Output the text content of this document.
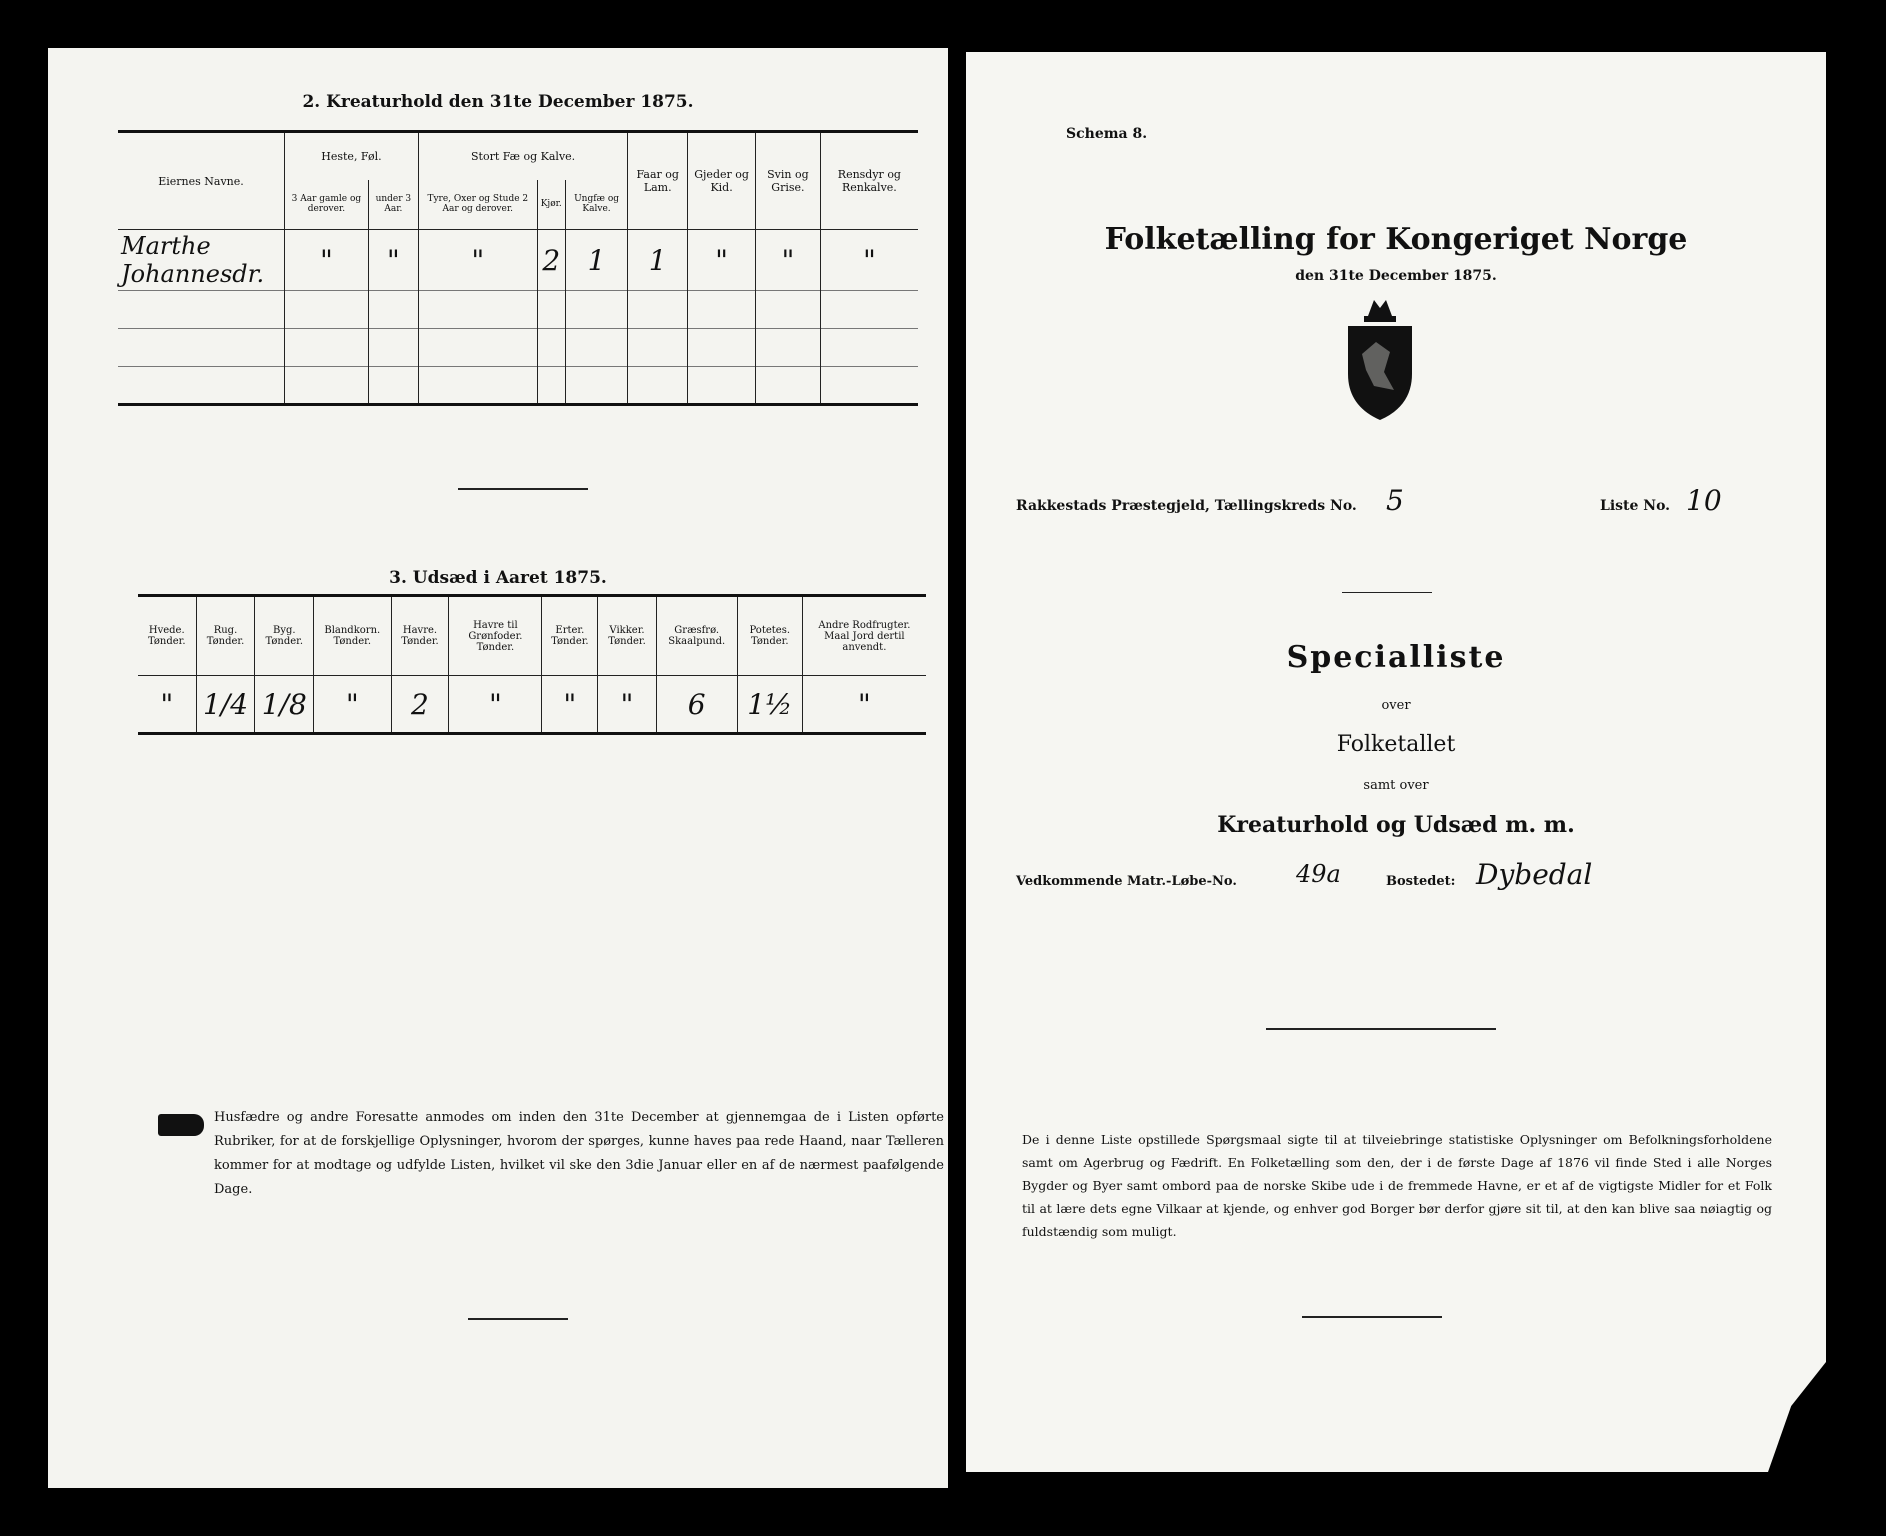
2. Kreaturhold den 31te December 1875.
Eiernes Navne.	Heste, Føl.		Stort Fæ og Kalve.			Faar og Lam.	Gjeder og Kid.	Svin og Grise.	Rensdyr og Renkalve.
	3 Aar gamle og derover.	under 3 Aar.	Tyre, Oxer og Stude 2 Aar og derover.	Kjør.	Ungfæ og Kalve.				
Marthe Johannesdr.	"	"	"	2	1	1	"	"	"

3. Udsæd i Aaret 1875.
Hvede. Tønder.	Rug. Tønder.	Byg. Tønder.	Blandkorn. Tønder.	Havre. Tønder.	Havre til Grønfoder. Tønder.	Erter. Tønder.	Vikker. Tønder.	Græsfrø. Skaalpund.	Potetes. Tønder.	Andre Rodfrugter. Maal Jord dertil anvendt.
"	1/4	1/8	"	2	"	"	"	6	1½	"
Husfædre og andre Foresatte anmodes om inden den 31te December at gjennemgaa de i Listen opførte Rubriker, for at de forskjellige Oplysninger, hvorom der spørges, kunne haves paa rede Haand, naar Tælleren kommer for at modtage og udfylde Listen, hvilket vil ske den 3die Januar eller en af de nærmest paafølgende Dage.
Schema 8.
Folketælling for Kongeriget Norge
den 31te December 1875.
Rakkestads Præstegjeld, Tællingskreds No. 5	Liste No. 10
Specialliste
over
Folketallet
samt over
Kreaturhold og Udsæd m. m.
Vedkommende Matr.-Løbe-No. 49a	Bostedet: Dybedal
De i denne Liste opstillede Spørgsmaal sigte til at tilveiebringe statistiske Oplysninger om Befolkningsforholdene samt om Agerbrug og Fædrift. En Folketælling som den, der i de første Dage af 1876 vil finde Sted i alle Norges Bygder og Byer samt ombord paa de norske Skibe ude i de fremmede Havne, er et af de vigtigste Midler for et Folk til at lære dets egne Vilkaar at kjende, og enhver god Borger bør derfor gjøre sit til, at den kan blive saa nøiagtig og fuldstændig som muligt.
